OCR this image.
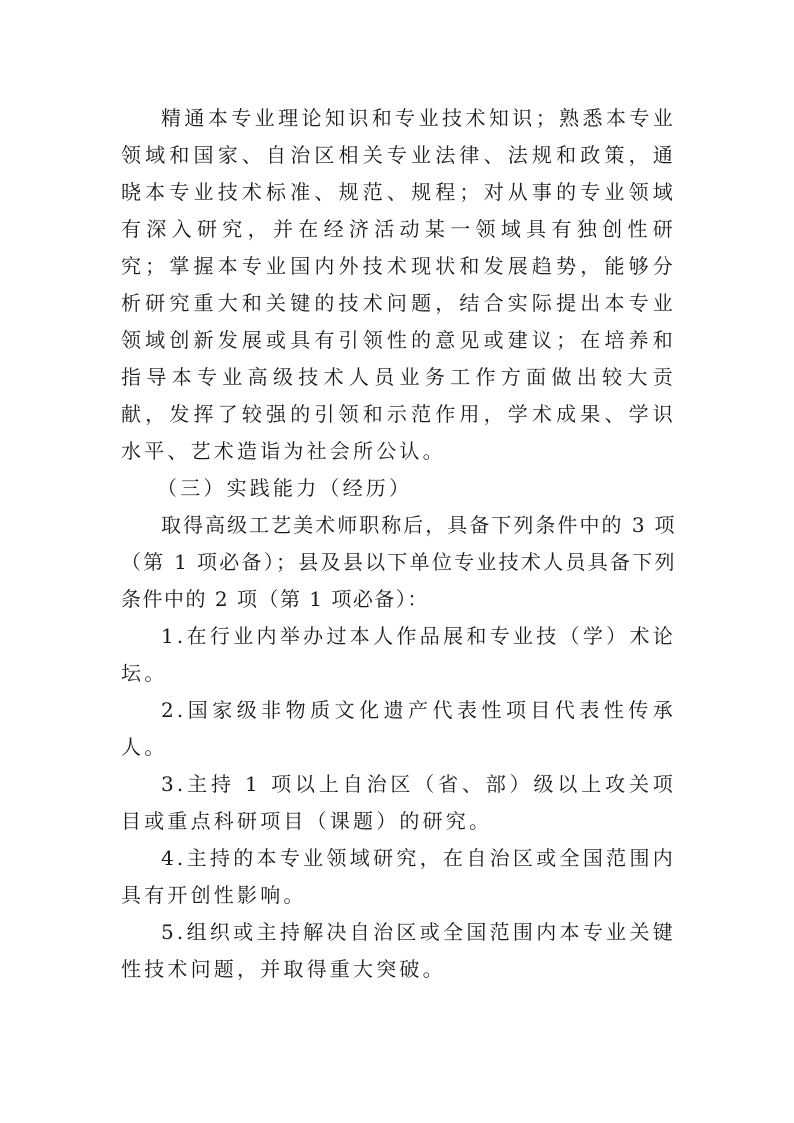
精通本专业理论知识和专业技术知识；熟悉本专业领域和国家、自治区相关专业法律、法规和政策，通晓本专业技术标准、规范、规程；对从事的专业领域有深入研究，并在经济活动某一领域具有独创性研究；掌握本专业国内外技术现状和发展趋势，能够分析研究重大和关键的技术问题，结合实际提出本专业领域创新发展或具有引领性的意见或建议；在培养和指导本专业高级技术人员业务工作方面做出较大贡献，发挥了较强的引领和示范作用，学术成果、学识水平、艺术造诣为社会所公认。

（三）实践能力（经历）

取得高级工艺美术师职称后，具备下列条件中的 3 项（第 1 项必备）；县及县以下单位专业技术人员具备下列条件中的 2 项（第 1 项必备）：

1.在行业内举办过本人作品展和专业技（学）术论坛。

2.国家级非物质文化遗产代表性项目代表性传承人。

3.主持 1 项以上自治区（省、部）级以上攻关项目或重点科研项目（课题）的研究。

4.主持的本专业领域研究，在自治区或全国范围内具有开创性影响。

5.组织或主持解决自治区或全国范围内本专业关键性技术问题，并取得重大突破。
